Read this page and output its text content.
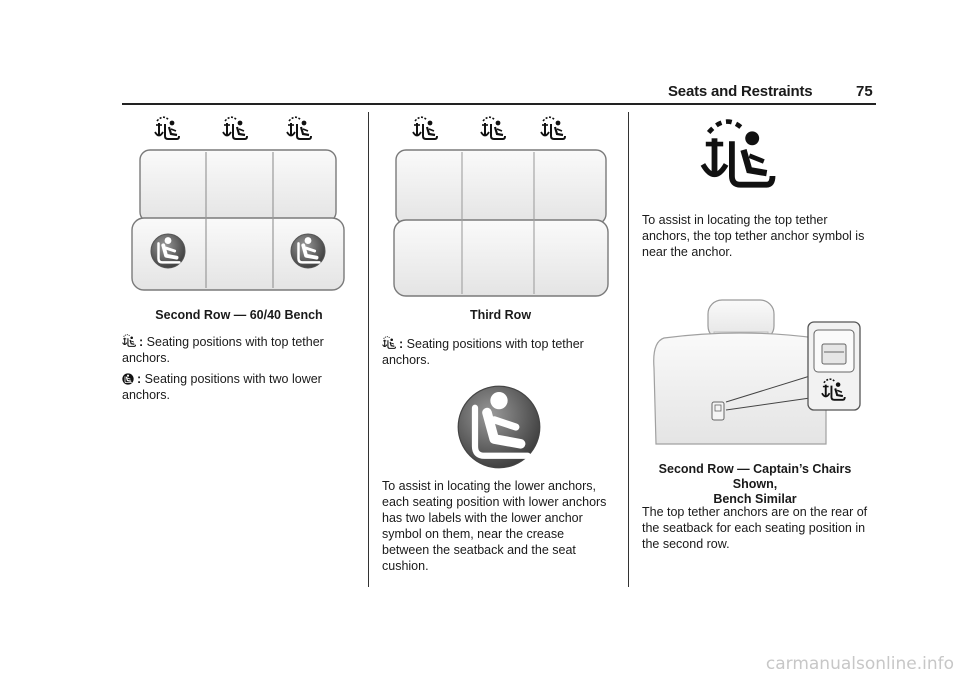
Seats and Restraints	75
Second Row — 60/40 Bench
: Seating positions with top tether anchors.
: Seating positions with two lower anchors.
Third Row
: Seating positions with top tether anchors.
To assist in locating the lower anchors, each seating position with lower anchors has two labels with the lower anchor symbol on them, near the crease between the seatback and the seat cushion.
To assist in locating the top tether anchors, the top tether anchor symbol is near the anchor.
Second Row — Captain’s Chairs Shown,
Bench Similar
The top tether anchors are on the rear of the seatback for each seating position in the second row.
carmanualsonline.info
